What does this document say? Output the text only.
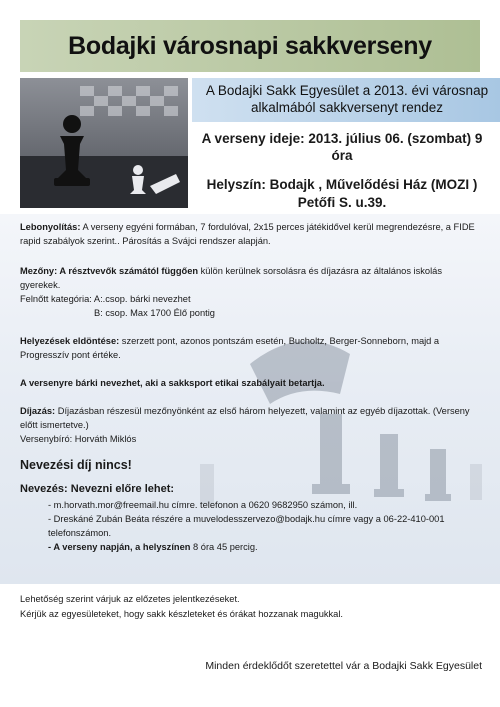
Bodajki városnapi sakkverseny
A Bodajki Sakk Egyesület a 2013. évi városnap alkalmából sakkversenyt rendez
A verseny ideje: 2013. július 06. (szombat) 9 óra
Helyszín: Bodajk , Művelődési Ház (MOZI )
Petőfi S. u.39.

Lebonyolítás: A verseny egyéni formában, 7 fordulóval, 2x15 perces játékidővel kerül megrendezésre, a FIDE rapid szabályok szerint.. Párosítás a Svájci rendszer alapján.

Mezőny: A résztvevők számától függően külön kerülnek sorsolásra és díjazásra az általános iskolás gyerekek.
Felnőtt kategória: A:.csop. bárki nevezhet
B: csop. Max 1700 Élő pontig

Helyezések eldöntése: szerzett pont, azonos pontszám esetén, Bucholtz, Berger-Sonneborn, majd a Progresszív pont értéke.

A versenyre bárki nevezhet, aki a sakksport etikai szabályait betartja.

Díjazás: Díjazásban részesül mezőnyönként az első három helyezett, valamint az egyéb díjazottak. (Verseny előtt ismertetve.)
Versenybíró: Horváth Miklós

Nevezési díj nincs!

Nevezés: Nevezni előre lehet:

- m.horvath.mor@freemail.hu címre. telefonon a 0620 9682950 számon, ill.
- Dreskáné Zubán Beáta részére a muvelodesszervezo@bodajk.hu címre vagy a 06-22-410-001 telefonszámon.
- A verseny napján, a helyszínen 8 óra 45 percig.
Lehetőség szerint várjuk az előzetes jelentkezéseket.
Kérjük az egyesületeket, hogy sakk készleteket és órákat hozzanak magukkal.
Minden érdeklődőt szeretettel vár a Bodajki Sakk Egyesület
